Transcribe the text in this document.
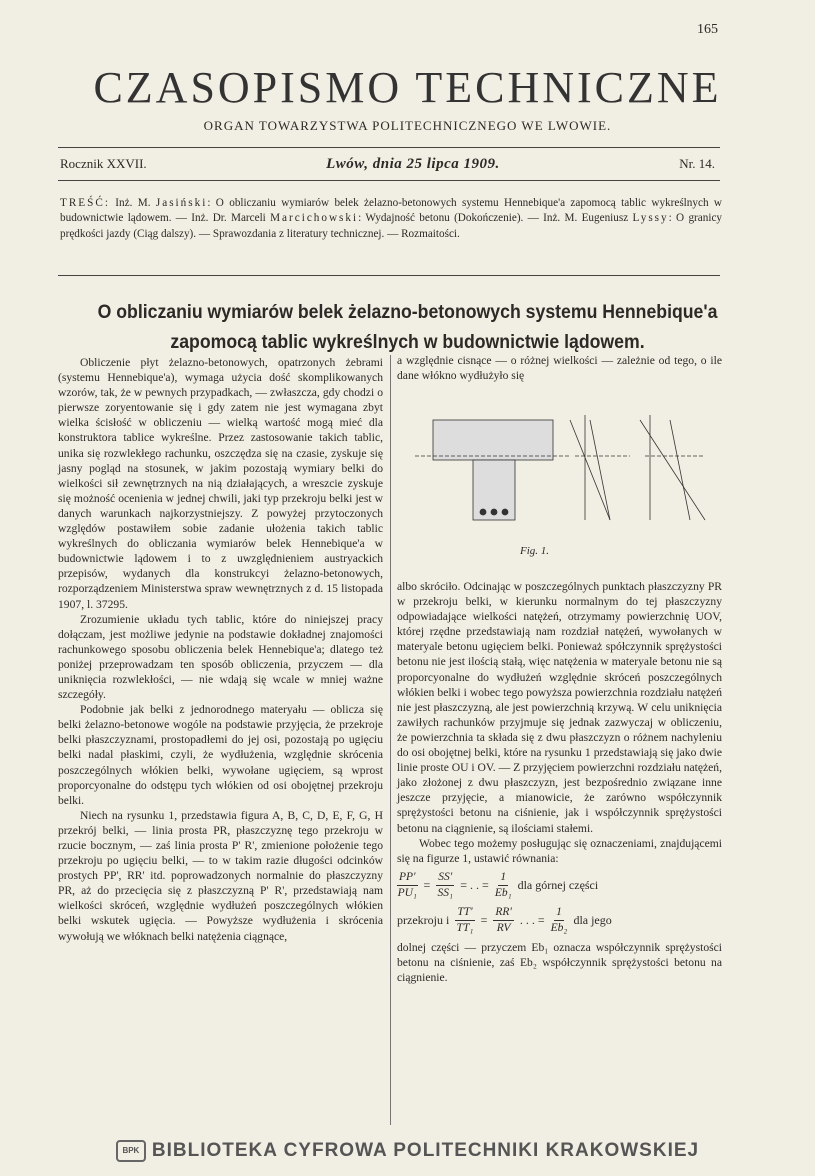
165
CZASOPISMO TECHNICZNE
ORGAN TOWARZYSTWA POLITECHNICZNEGO WE LWOWIE.
Rocznik XXVII.	Lwów, dnia 25 lipca 1909.	Nr. 14.
TREŚĆ: Inż. M. Jasiński: O obliczaniu wymiarów belek żelazno-betonowych systemu Hennebique'a zapomocą tablic wykreślnych w budownictwie lądowem. — Inż. Dr. Marceli Marcichowski: Wydajność betonu (Dokończenie). — Inż. M. Eugeniusz Lyssy: O granicy prędkości jazdy (Ciąg dalszy). — Sprawozdania z literatury technicznej. — Rozmaitości.
O obliczaniu wymiarów belek żelazno-betonowych systemu Hennebique'a
zapomocą tablic wykreślnych w budownictwie lądowem.

Obliczenie płyt żelazno-betonowych, opatrzonych żebrami (systemu Hennebique'a), wymaga użycia dość skomplikowanych wzorów, tak, że w pewnych przypadkach, — zwłaszcza, gdy chodzi o pierwsze zoryentowanie się i gdy zatem nie jest wymagana zbyt wielka ścisłość w obliczeniu — wielką wartość mogą mieć dla konstruktora tablice wykreślne. Przez zastosowanie takich tablic, unika się rozwlekłego rachunku, oszczędza się na czasie, zyskuje się jasny pogląd na stosunek, w jakim pozostają wymiary belki do wielkości sił zewnętrznych na nią działających, a wreszcie zyskuje się możność ocenienia w jednej chwili, jaki typ przekroju belki jest w danych warunkach najkorzystniejszy. Z powyżej przytoczonych względów postawiłem sobie zadanie ułożenia takich tablic wykreślnych do obliczania wymiarów belek Hennebique'a w budownictwie lądowem i to z uwzględnieniem austryackich przepisów, wydanych dla konstrukcyi żelazno-betonowych, rozporządzeniem Ministerstwa spraw wewnętrznych z d. 15 listopada 1907, l. 37295.

Zrozumienie układu tych tablic, które do niniejszej pracy dołączam, jest możliwe jedynie na podstawie dokładnej znajomości rachunkowego sposobu obliczenia belek Hennebique'a; dlatego też poniżej przeprowadzam ten sposób obliczenia, przyczem — dla uniknięcia rozwlekłości, — nie wdają się wcale w mniej ważne szczegóły.

Podobnie jak belki z jednorodnego materyału — oblicza się belki żelazno-betonowe wogóle na podstawie przyjęcia, że przekroje belki płaszczyznami, prostopadłemi do jej osi, pozostają po ugięciu belki nadal płaskimi, czyli, że wydłużenia, względnie skrócenia poszczególnych włókien belki, wywołane ugięciem, są wprost proporcyonalne do odstępu tych włókien od osi obojętnej przekroju belki.

Niech na rysunku 1, przedstawia figura A, B, C, D, E, F, G, H przekrój belki, — linia prosta PR, płaszczyznę tego przekroju w rzucie bocznym, — zaś linia prosta P' R', zmienione położenie tego przekroju po ugięciu belki, — to w takim razie długości odcinków prostych PP', RR' itd. poprowadzonych normalnie do płaszczyzny PR, aż do przecięcia się z płaszczyzną P' R', przedstawiają nam wielkości skróceń, względnie wydłużeń poszczególnych włókien belki wskutek ugięcia. — Powyższe wydłużenia i skrócenia wywołują we włóknach belki natężenia ciągnące,

a względnie cisnące — o różnej wielkości — zależnie od tego, o ile dane włókno wydłużyło się

Fig. 1.

albo skróciło. Odcinając w poszczególnych punktach płaszczyzny PR w przekroju belki, w kierunku normalnym do tej płaszczyzny odpowiadające wielkości natężeń, otrzymamy powierzchnię UOV, której rzędne przedstawiają nam rozdział natężeń, wywołanych w materyale betonu ugięciem belki. Ponieważ spółczynnik sprężystości betonu nie jest ilością stałą, więc natężenia w materyale betonu nie są proporcyonalne do wydłużeń względnie skróceń poszczególnych włókien belki i wobec tego powyższa powierzchnia rozdziału natężeń nie jest płaszczyzną, ale jest powierzchnią krzywą. W celu uniknięcia zawiłych rachunków przyjmuje się jednak zazwyczaj w obliczeniu, że powierzchnia ta składa się z dwu płaszczyzn o różnem nachyleniu do osi obojętnej belki, które na rysunku 1 przedstawiają się jako dwie linie proste OU i OV. — Z przyjęciem powierzchni rozdziału natężeń, jako złożonej z dwu płaszczyzn, jest bezpośrednio związane inne jeszcze przyjęcie, a mianowicie, że zarówno współczynnik sprężystości betonu na ciśnienie, jak i współczynnik sprężystości betonu na ciągnienie, są ilościami stałemi.

Wobec tego możemy posługując się oznaczeniami, znajdującemi się na figurze 1, ustawić równania:

$\frac{PP'}{\text{PU₁}} = \frac{SS'}{\text{SS₁}}$ = . . = $\frac{1}{\text{Eb₁}}$ dla górnej części
przekroju i $\frac{TT'}{\text{TT₁}} = \frac{RR'}{RV}$ . . . = $\frac{1}{\text{Eb₂}}$ dla jego

dolnej części — przyczem Eb₁ oznacza współczynnik sprężystości betonu na ciśnienie, zaś Eb₂ współczynnik sprężystości betonu na ciągnienie.

BPK BIBLIOTEKA CYFROWA POLITECHNIKI KRAKOWSKIEJ
